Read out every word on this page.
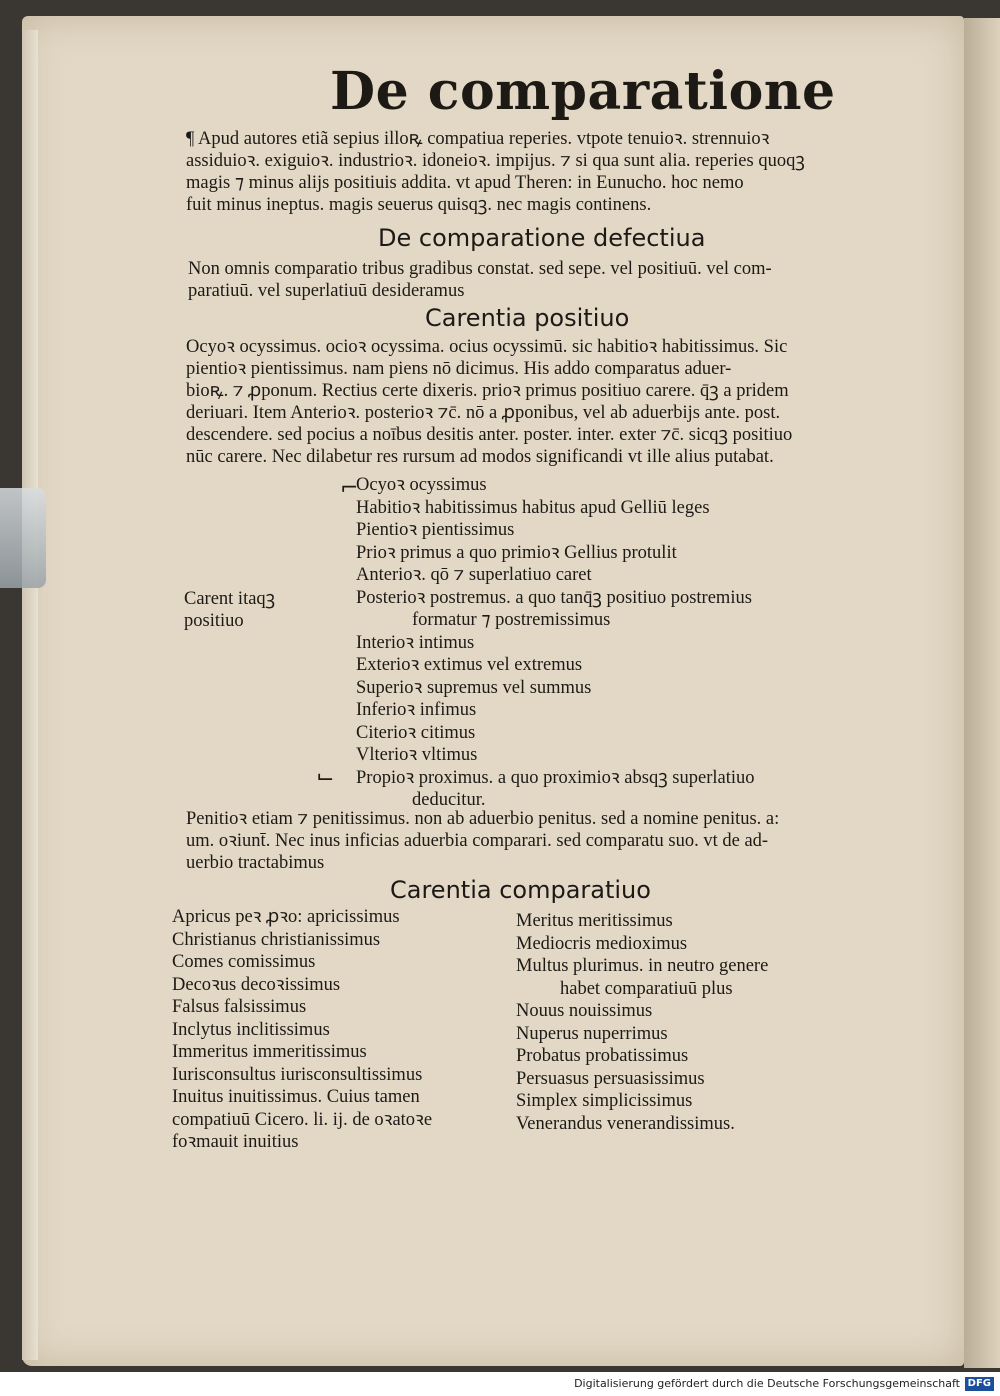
De comparatione
¶ Apud autores etiã sepius illoꝶ compatiua reperies. vtpote tenuioꝛ. strennuioꝛ
assiduioꝛ. exiguioꝛ. industrioꝛ. idoneioꝛ. impijus. ⁊ si qua sunt alia. reperies quoqꝫ
magis ⁊ minus alijs positiuis addita. vt apud Theren: in Eunucho. hoc nemo
fuit minus ineptus. magis seuerus quisqꝫ. nec magis continens.
De comparatione defectiua
Non omnis comparatio tribus gradibus constat. sed sepe. vel positiuū. vel com-
paratiuū. vel superlatiuū desideramus
Carentia positiuo
Ocyoꝛ ocyssimus. ocioꝛ ocyssima. ocius ocyssimū. sic habitioꝛ habitissimus. Sic
pientioꝛ pientissimus. nam piens nō dicimus. His addo comparatus aduer-
bioꝶ. ⁊ ꝓponum. Rectius certe dixeris. prioꝛ primus positiuo carere. q̄ꝫ a pridem
deriuari. Item Anterioꝛ. posterioꝛ ⁊c̄. nō a ꝓponibus, vel ab aduerbijs ante. post.
descendere. sed pocius a noībus desitis anter. poster. inter. exter ⁊c̄. sicqꝫ positiuo
nūc carere. Nec dilabetur res rursum ad modos significandi vt ille alius putabat.
⌐
⌙
Carent itaqꝫ
positiuo
Ocyoꝛ ocyssimus
Habitioꝛ habitissimus habitus apud Gelliū leges
Pientioꝛ pientissimus
Prioꝛ primus a quo primioꝛ Gellius protulit
Anterioꝛ. qō ⁊ superlatiuo caret
Posterioꝛ postremus. a quo tanq̄ꝫ positiuo postremius
formatur ⁊ postremissimus
Interioꝛ intimus
Exterioꝛ extimus vel extremus
Superioꝛ supremus vel summus
Inferioꝛ infimus
Citerioꝛ citimus
Vlterioꝛ vltimus
Propioꝛ proximus. a quo proximioꝛ absqꝫ superlatiuo
deducitur.
Penitioꝛ etiam ⁊ penitissimus. non ab aduerbio penitus. sed a nomine penitus. a:
um. oꝛiunt̄. Nec inus inficias aduerbia comparari. sed comparatu suo. vt de ad-
uerbio tractabimus
Carentia comparatiuo
Apricus peꝛ ꝓꝛo: apricissimus
Christianus christianissimus
Comes comissimus
Decoꝛus decoꝛissimus
Falsus falsissimus
Inclytus inclitissimus
Immeritus immeritissimus
Iurisconsultus iurisconsultissimus
Inuitus inuitissimus. Cuius tamen
compatiuū Cicero. li. ij. de oꝛatoꝛe
foꝛmauit inuitius
Meritus meritissimus
Mediocris medioximus
Multus plurimus. in neutro genere
habet comparatiuū plus
Nouus nouissimus
Nuperus nuperrimus
Probatus probatissimus
Persuasus persuasissimus
Simplex simplicissimus
Venerandus venerandissimus.
Digitalisierung gefördert durch die Deutsche Forschungsgemeinschaft DFG
